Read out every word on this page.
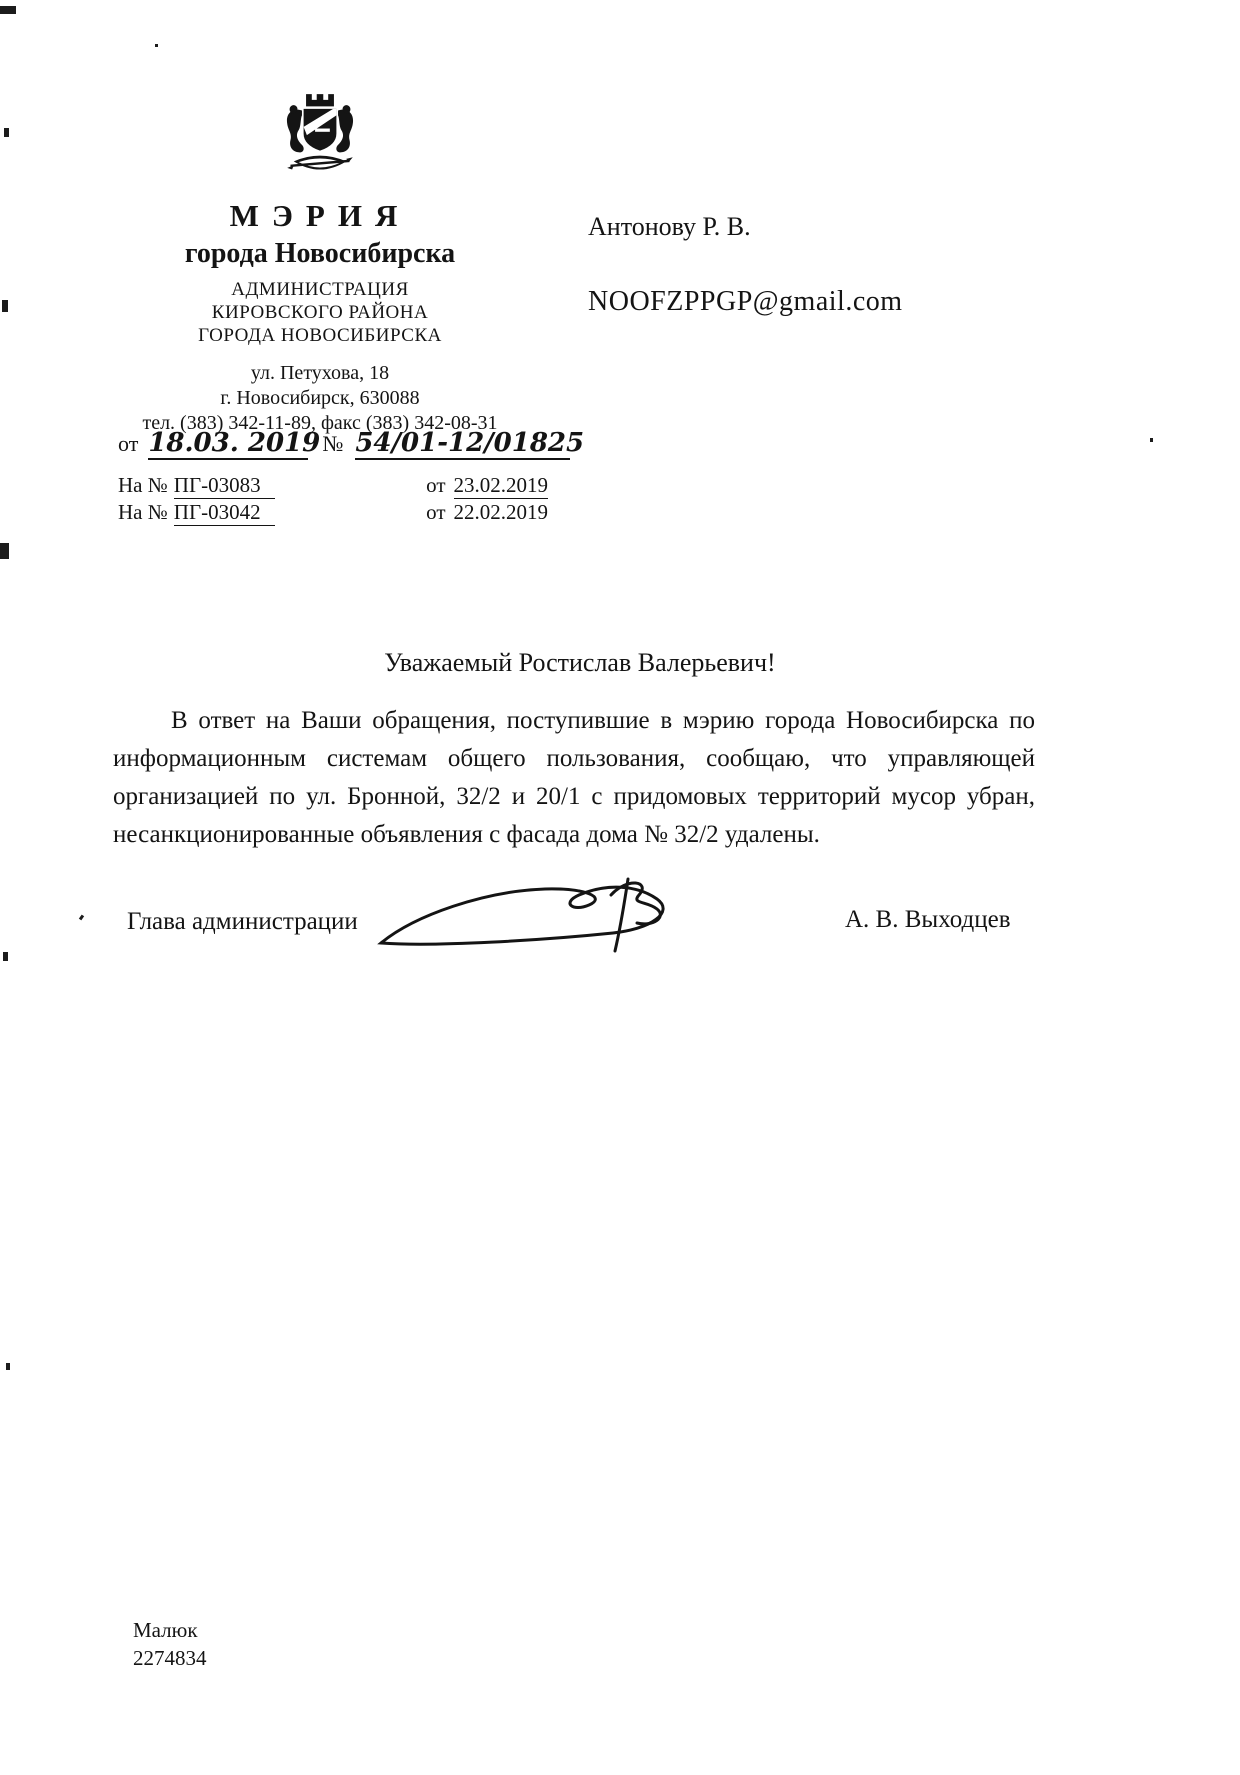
МЭРИЯ
города Новосибирска
АДМИНИСТРАЦИЯ
КИРОВСКОГО РАЙОНА
ГОРОДА НОВОСИБИРСКА
ул. Петухова, 18
г. Новосибирск, 630088
тел. (383) 342-11-89, факс (383) 342-08-31
от 18.03. 2019 № 54/01-12/01825
На № ПГ-03083	от 23.02.2019
На № ПГ-03042	от 22.02.2019
Антонову Р. В.
NOOFZPPGP@gmail.com
Уважаемый Ростислав Валерьевич!
В ответ на Ваши обращения, поступившие в мэрию города Новосибирска по информационным системам общего пользования, сообщаю, что управляющей организацией по ул. Бронной, 32/2 и 20/1 с придомовых территорий мусор убран, несанкционированные объявления с фасада дома № 32/2 удалены.
Глава администрации	А. В. Выходцев
Малюк
2274834
